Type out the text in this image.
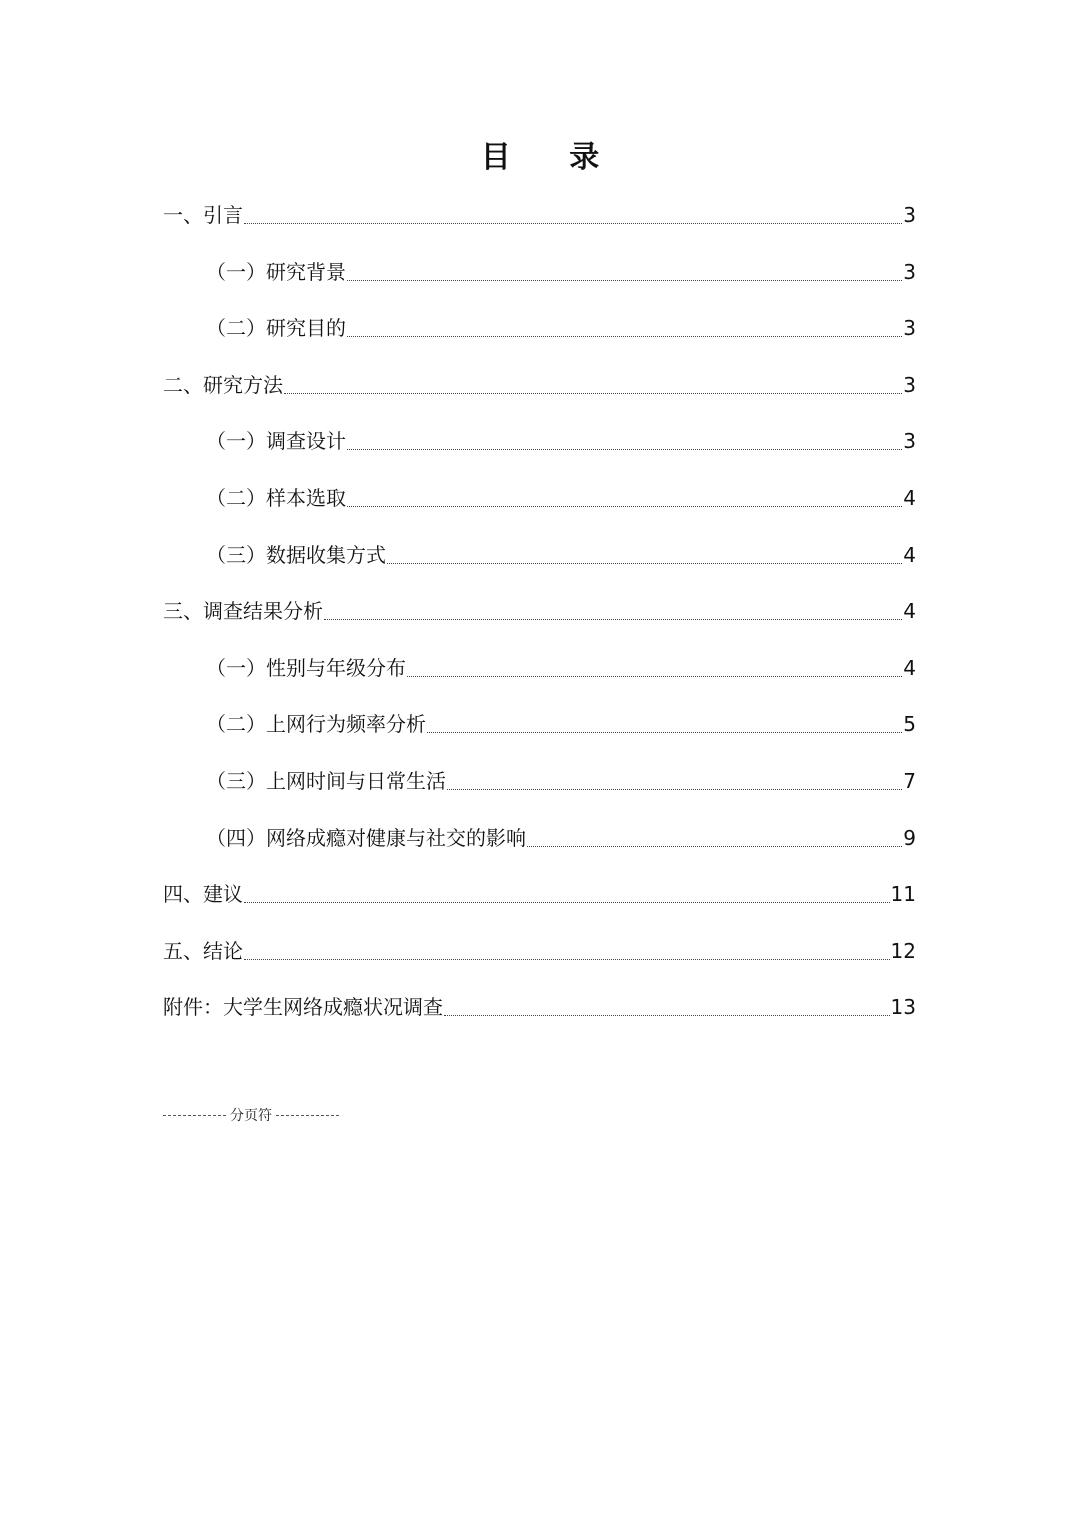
目 录
一、引言	3
（一）研究背景	3
（二）研究目的	3
二、研究方法	3
（一）调查设计	3
（二）样本选取	4
（三）数据收集方式	4
三、调查结果分析	4
（一）性别与年级分布	4
（二）上网行为频率分析	5
（三）上网时间与日常生活	7
（四）网络成瘾对健康与社交的影响	9
四、建议	11
五、结论	12
附件：大学生网络成瘾状况调查	13
分页符
